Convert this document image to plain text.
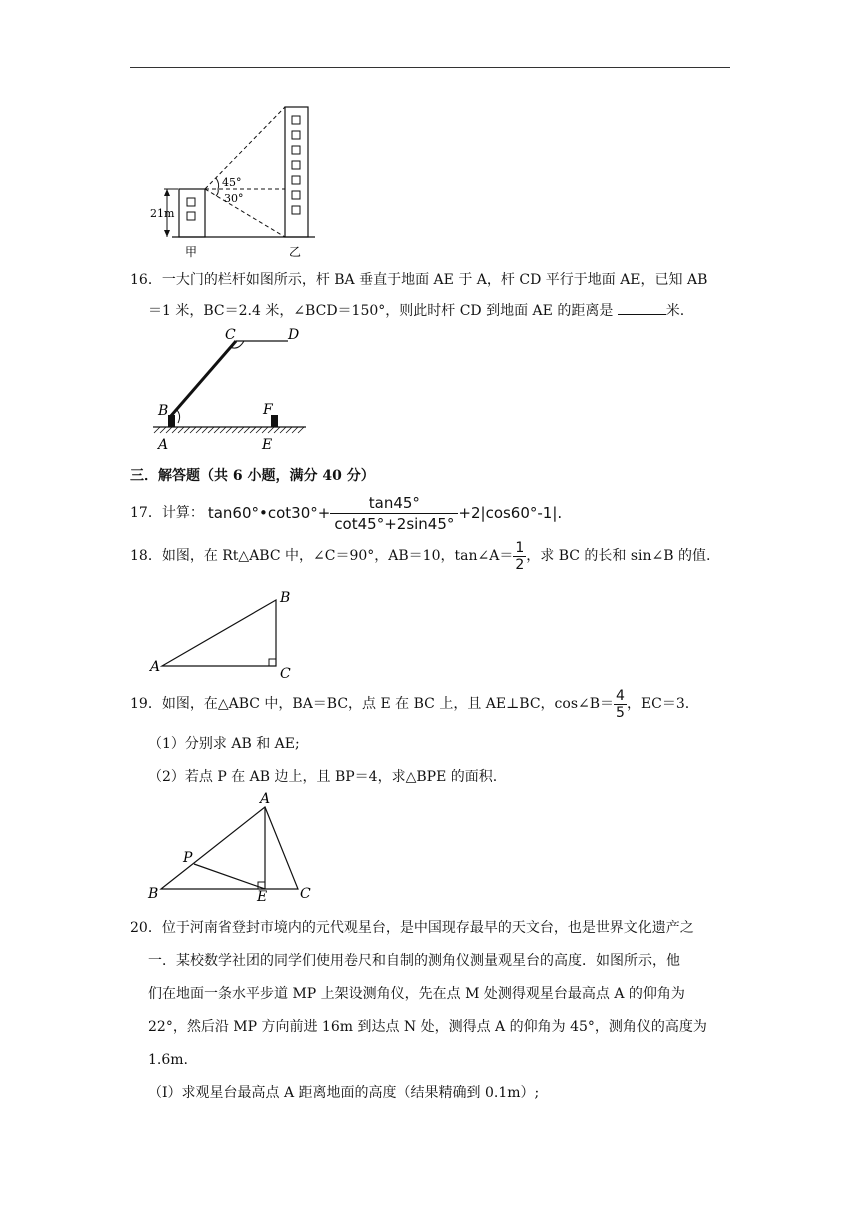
45°
30°
21m
甲	乙
16．一大门的栏杆如图所示，杆 BA 垂直于地面 AE 于 A，杆 CD 平行于地面 AE，已知 AB
＝1 米，BC＝2.4 米，∠BCD＝150°，则此时杆 CD 到地面 AE 的距离是	米.
C	D
B	F
A	E
三．解答题（共 6 小题，满分 40 分）
17．计算： tan60°•cot30°+ $\frac{\tan 45^\circ}{\cot 45^\circ+2\sin 45^\circ} +2|\cos 60^\circ-1|$.
18．如图，在 Rt△ABC 中，∠C＝90°，AB＝10，tan∠A＝ $\frac{1}{2}$ ，求 BC 的长和 sin∠B 的值.
A
B
C
19．如图，在△ABC 中，BA＝BC，点 E 在 BC 上，且 AE⊥BC，cos∠B＝ $\frac{4}{5}$ ，EC＝3.
（1）分别求 AB 和 AE;
（2）若点 P 在 AB 边上，且 BP＝4，求△BPE 的面积.
A
P
B	E C
20．位于河南省登封市境内的元代观星台，是中国现存最早的天文台，也是世界文化遗产之
一．某校数学社团的同学们使用卷尺和自制的测角仪测量观星台的高度．如图所示，他
们在地面一条水平步道 MP 上架设测角仪，先在点 M 处测得观星台最高点 A 的仰角为
22°，然后沿 MP 方向前进 16m 到达点 N 处，测得点 A 的仰角为 45°，测角仪的高度为
1.6m.
（Ⅰ）求观星台最高点 A 距离地面的高度（结果精确到 0.1m）;
